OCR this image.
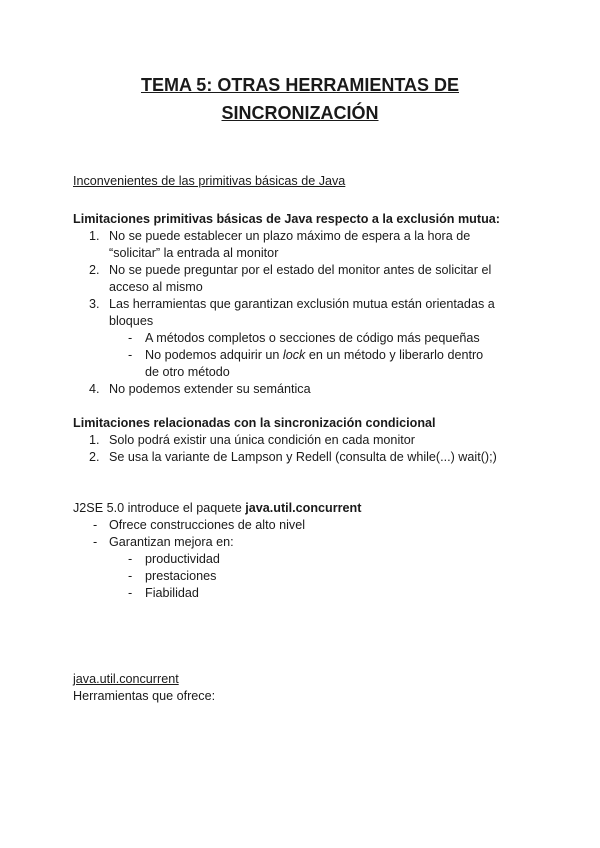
TEMA 5: OTRAS HERRAMIENTAS DE
SINCRONIZACIÓN
Inconvenientes de las primitivas básicas de Java
Limitaciones primitivas básicas de Java respecto a la exclusión mutua:
1. No se puede establecer un plazo máximo de espera a la hora de
“solicitar” la entrada al monitor
2. No se puede preguntar por el estado del monitor antes de solicitar el
acceso al mismo
3. Las herramientas que garantizan exclusión mutua están orientadas a
bloques
- A métodos completos o secciones de código más pequeñas
- No podemos adquirir un lock en un método y liberarlo dentro
de otro método
4. No podemos extender su semántica
Limitaciones relacionadas con la sincronización condicional
1. Solo podrá existir una única condición en cada monitor
2. Se usa la variante de Lampson y Redell (consulta de while(...) wait();)
J2SE 5.0 introduce el paquete java.util.concurrent
- Ofrece construcciones de alto nivel
- Garantizan mejora en:
- productividad
- prestaciones
- Fiabilidad
java.util.concurrent
Herramientas que ofrece:
